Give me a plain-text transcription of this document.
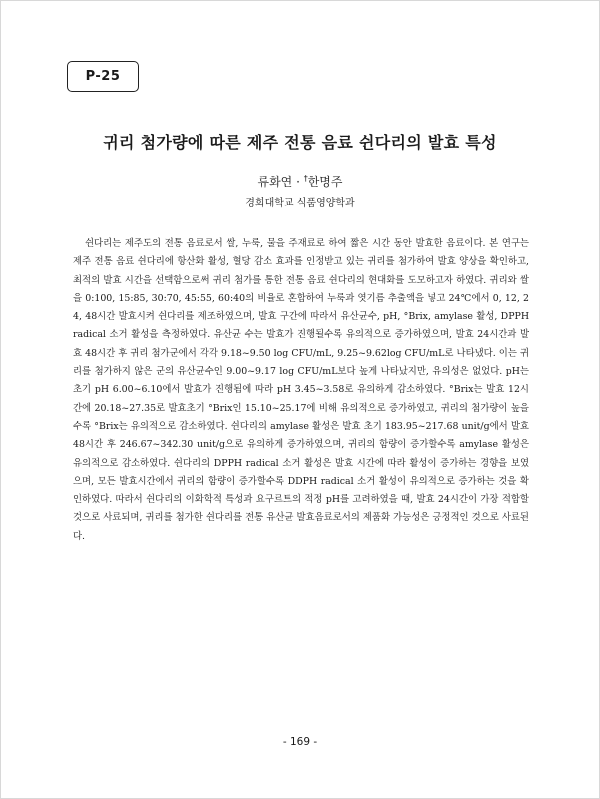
P-25
귀리 첨가량에 따른 제주 전통 음료 쉰다리의 발효 특성
류화연 · †한명주
경희대학교 식품영양학과

쉰다리는 제주도의 전통 음료로서 쌀, 누룩, 물을 주재료로 하여 짧은 시간 동안 발효한 음료이다. 본 연구는 제주 전통 음료 쉰다리에 항산화 활성, 혈당 감소 효과를 인정받고 있는 귀리를 첨가하여 발효 양상을 확인하고, 최적의 발효 시간을 선택함으로써 귀리 첨가를 통한 전통 음료 쉰다리의 현대화를 도모하고자 하였다. 귀리와 쌀을 0:100, 15:85, 30:70, 45:55, 60:40의 비율로 혼합하여 누룩과 엿기름 추출액을 넣고 24℃에서 0, 12, 24, 48시간 발효시켜 쉰다리를 제조하였으며, 발효 구간에 따라서 유산균수, pH, °Brix, amylase 활성, DPPH radical 소거 활성을 측정하였다. 유산균 수는 발효가 진행될수록 유의적으로 증가하였으며, 발효 24시간과 발효 48시간 후 귀리 첨가군에서 각각 9.18~9.50 log CFU/mL, 9.25~9.62log CFU/mL로 나타냈다. 이는 귀리를 첨가하지 않은 군의 유산균수인 9.00~9.17 log CFU/mL보다 높게 나타났지만, 유의성은 없었다. pH는 초기 pH 6.00~6.10에서 발효가 진행됨에 따라 pH 3.45~3.58로 유의하게 감소하였다. °Brix는 발효 12시간에 20.18~27.35로 발효초기 °Brix인 15.10~25.17에 비해 유의적으로 증가하였고, 귀리의 첨가량이 높을수록 °Brix는 유의적으로 감소하였다. 쉰다리의 amylase 활성은 발효 초기 183.95~217.68 unit/g에서 발효 48시간 후 246.67~342.30 unit/g으로 유의하게 증가하였으며, 귀리의 함량이 증가할수록 amylase 활성은 유의적으로 감소하였다. 쉰다리의 DPPH radical 소거 활성은 발효 시간에 따라 활성이 증가하는 경향을 보였으며, 모든 발효시간에서 귀리의 함량이 증가할수록 DDPH radical 소거 활성이 유의적으로 증가하는 것을 확인하였다. 따라서 쉰다리의 이화학적 특성과 요구르트의 적정 pH를 고려하였을 때, 발효 24시간이 가장 적합할 것으로 사료되며, 귀리를 첨가한 쉰다리를 전통 유산균 발효음료로서의 제품화 가능성은 긍정적인 것으로 사료된다.

- 169 -
